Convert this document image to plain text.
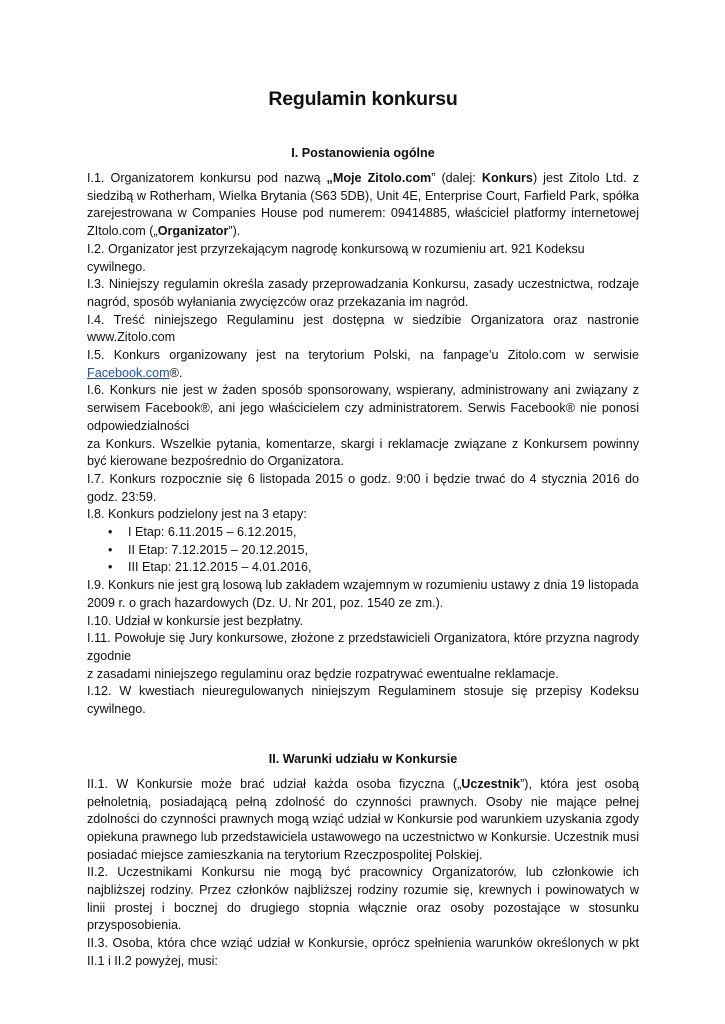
Regulamin konkursu
I. Postanowienia ogólne

I.1. Organizatorem konkursu pod nazwą „Moje Zitolo.com” (dalej: Konkurs) jest Zitolo Ltd. z siedzibą w Rotherham, Wielka Brytania (S63 5DB), Unit 4E, Enterprise Court, Farfield Park, spółka zarejestrowana w Companies House pod numerem: 09414885, właściciel platformy internetowej ZItolo.com („Organizator”).

I.2. Organizator jest przyrzekającym nagrodę konkursową w rozumieniu art. 921 Kodeksu cywilnego.

I.3. Niniejszy regulamin określa zasady przeprowadzania Konkursu, zasady uczestnictwa, rodzaje nagród, sposób wyłaniania zwycięzców oraz przekazania im nagród.

I.4. Treść niniejszego Regulaminu jest dostępna w siedzibie Organizatora oraz nastronie www.Zitolo.com

I.5. Konkurs organizowany jest na terytorium Polski, na fanpage’u Zitolo.com w serwisie Facebook.com®.

I.6. Konkurs nie jest w żaden sposób sponsorowany, wspierany, administrowany ani związany z serwisem Facebook®, ani jego właścicielem czy administratorem. Serwis Facebook® nie ponosi odpowiedzialności

za Konkurs. Wszelkie pytania, komentarze, skargi i reklamacje związane z Konkursem powinny być kierowane bezpośrednio do Organizatora.

I.7. Konkurs rozpocznie się 6 listopada 2015 o godz. 9:00 i będzie trwać do 4 stycznia 2016 do godz. 23:59.

I.8. Konkurs podzielony jest na 3 etapy:

• I Etap: 6.11.2015 – 6.12.2015,
• II Etap: 7.12.2015 – 20.12.2015,
• III Etap: 21.12.2015 – 4.01.2016,

I.9. Konkurs nie jest grą losową lub zakładem wzajemnym w rozumieniu ustawy z dnia 19 listopada 2009 r. o grach hazardowych (Dz. U. Nr 201, poz. 1540 ze zm.).

I.10. Udział w konkursie jest bezpłatny.

I.11. Powołuje się Jury konkursowe, złożone z przedstawicieli Organizatora, które przyzna nagrody zgodnie

z zasadami niniejszego regulaminu oraz będzie rozpatrywać ewentualne reklamacje.

I.12. W kwestiach nieuregulowanych niniejszym Regulaminem stosuje się przepisy Kodeksu cywilnego.

II. Warunki udziału w Konkursie

II.1. W Konkursie może brać udział każda osoba fizyczna („Uczestnik”), która jest osobą pełnoletnią, posiadającą pełną zdolność do czynności prawnych. Osoby nie mające pełnej zdolności do czynności prawnych mogą wziąć udział w Konkursie pod warunkiem uzyskania zgody opiekuna prawnego lub przedstawiciela ustawowego na uczestnictwo w Konkursie. Uczestnik musi posiadać miejsce zamieszkania na terytorium Rzeczpospolitej Polskiej.

II.2. Uczestnikami Konkursu nie mogą być pracownicy Organizatorów, lub członkowie ich najbliższej rodziny. Przez członków najbliższej rodziny rozumie się, krewnych i powinowatych w linii prostej i bocznej do drugiego stopnia włącznie oraz osoby pozostające w stosunku przysposobienia.

II.3. Osoba, która chce wziąć udział w Konkursie, oprócz spełnienia warunków określonych w pkt II.1 i II.2 powyżej, musi:
